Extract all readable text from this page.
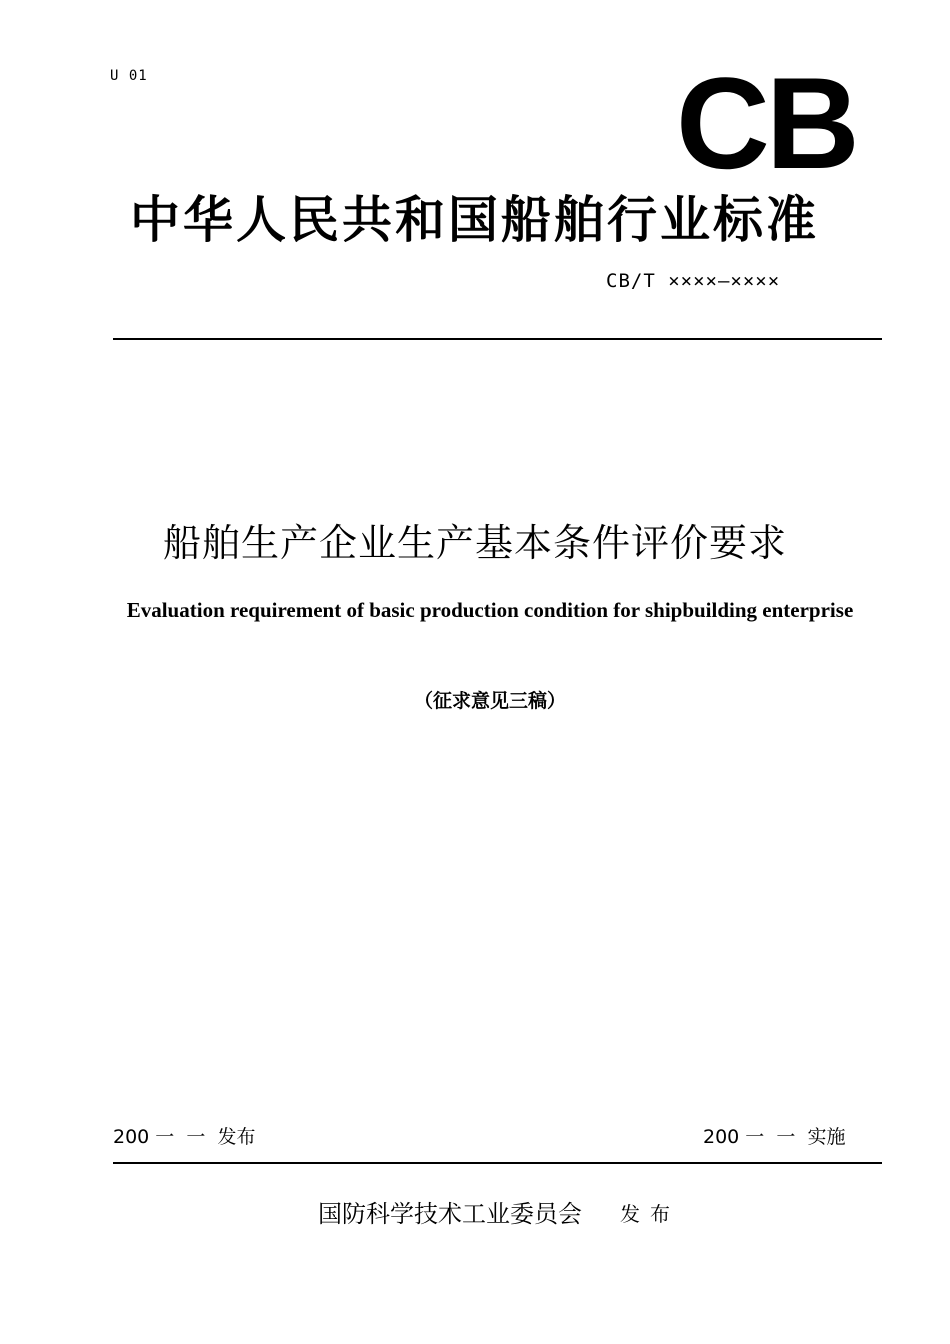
U 01	CB
中华人民共和国船舶行业标准
CB/T ××××—××××
船舶生产企业生产基本条件评价要求
Evaluation requirement of basic production condition for shipbuilding enterprise
（征求意见三稿）
200 一  一  发布	200 一  一  实施
国防科学技术工业委员会 发布
